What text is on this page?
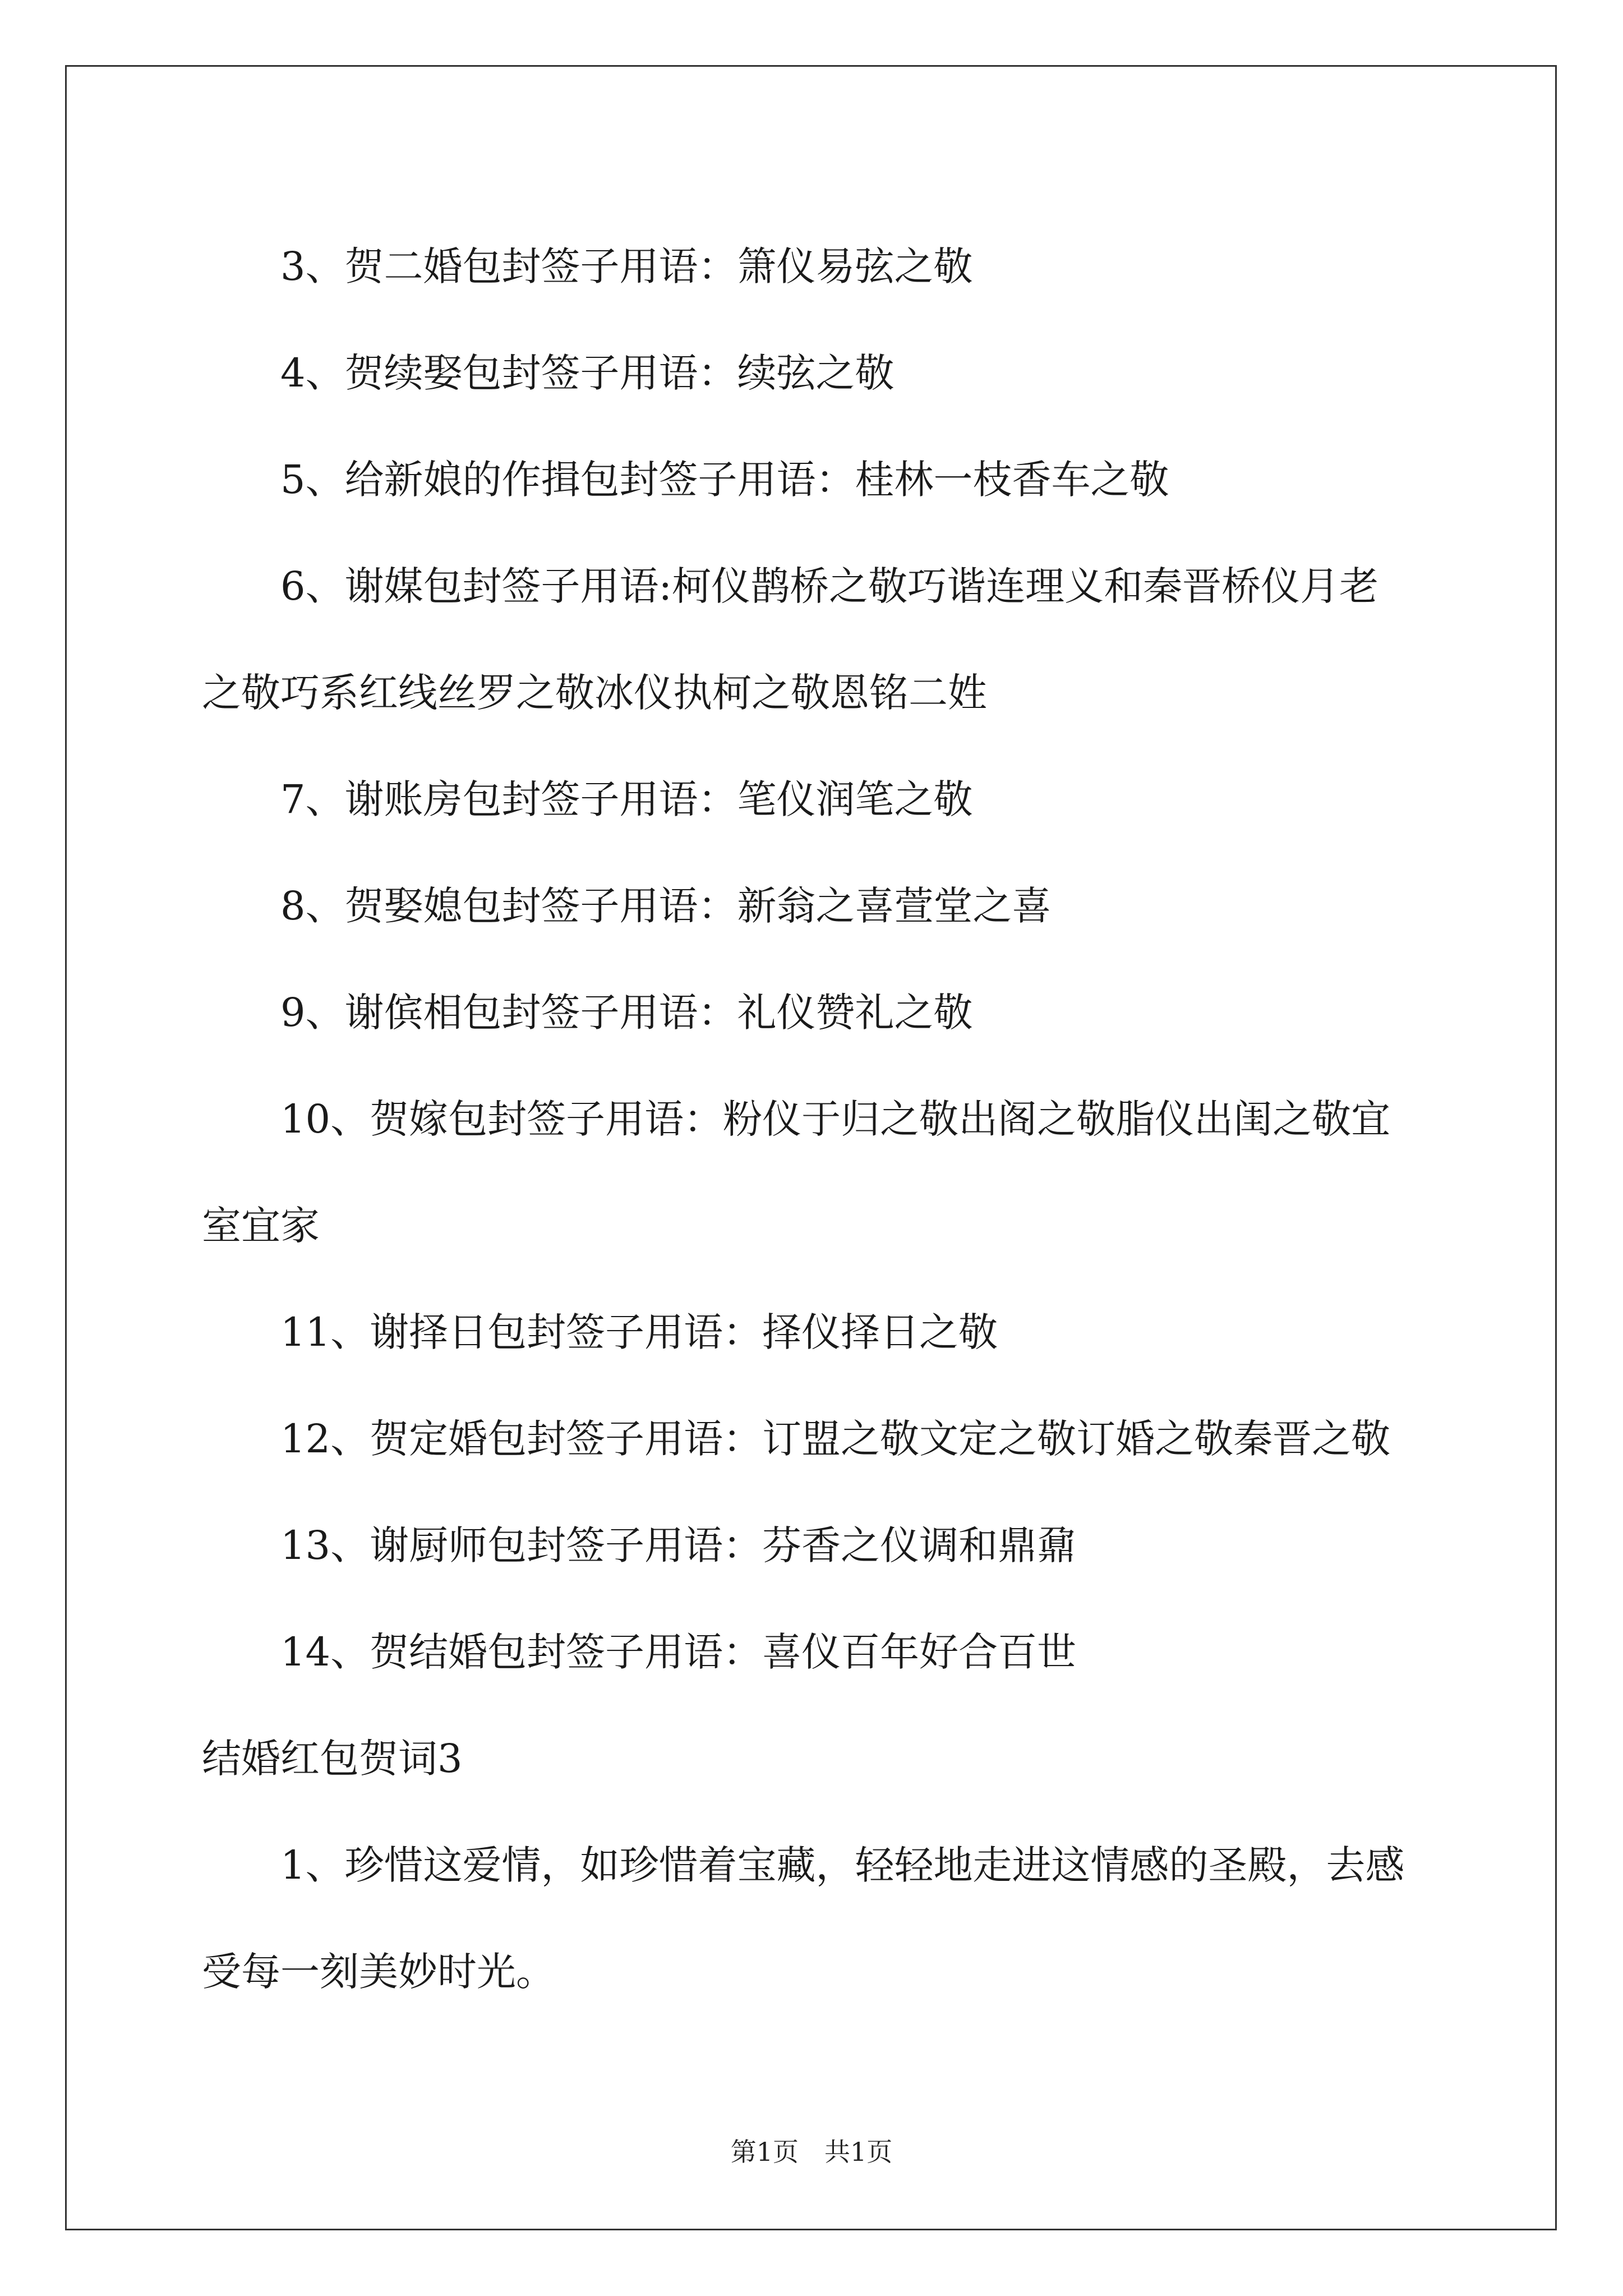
3、贺二婚包封签子用语：箫仪易弦之敬

4、贺续娶包封签子用语：续弦之敬

5、给新娘的作揖包封签子用语：桂林一枝香车之敬

6、谢媒包封签子用语:柯仪鹊桥之敬巧谐连理义和秦晋桥仪月老

之敬巧系红线丝罗之敬冰仪执柯之敬恩铭二姓

7、谢账房包封签子用语：笔仪润笔之敬

8、贺娶媳包封签子用语：新翁之喜萱堂之喜

9、谢傧相包封签子用语：礼仪赞礼之敬

10、贺嫁包封签子用语：粉仪于归之敬出阁之敬脂仪出闺之敬宜

室宜家

11、谢择日包封签子用语：择仪择日之敬

12、贺定婚包封签子用语：订盟之敬文定之敬订婚之敬秦晋之敬

13、谢厨师包封签子用语：芬香之仪调和鼎鼐

14、贺结婚包封签子用语：喜仪百年好合百世

结婚红包贺词3

1、珍惜这爱情，如珍惜着宝藏，轻轻地走进这情感的圣殿，去感

受每一刻美妙时光。

第1页　共1页
